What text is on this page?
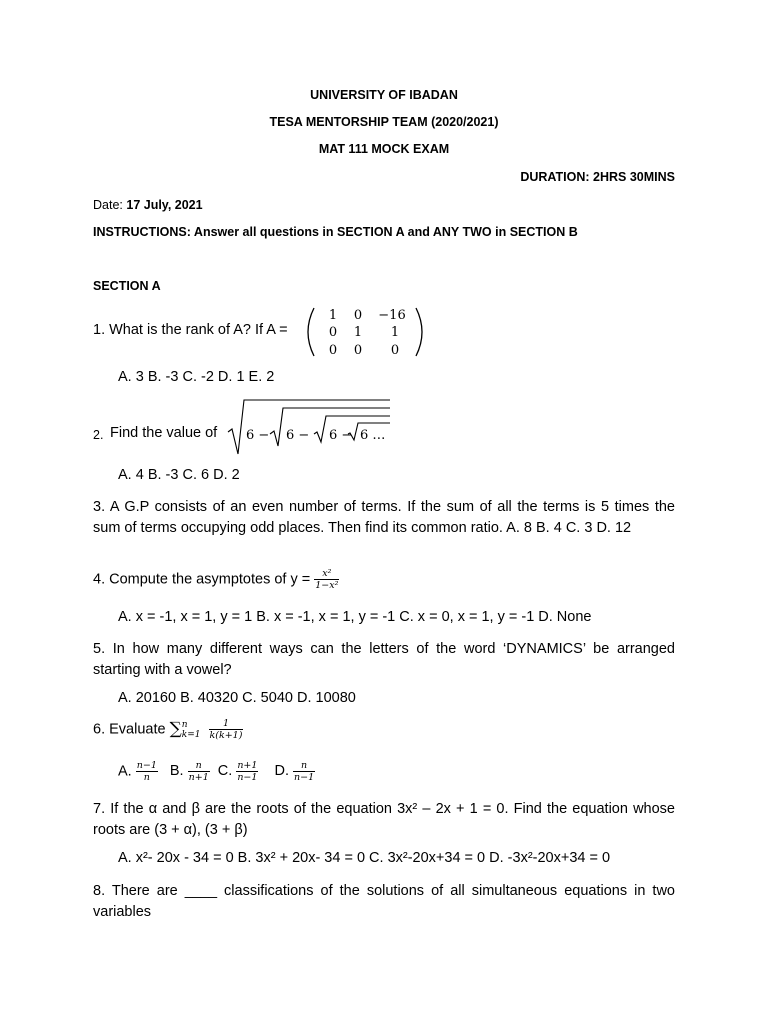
UNIVERSITY OF IBADAN
TESA MENTORSHIP TEAM (2020/2021)
MAT 111 MOCK EXAM
DURATION: 2HRS 30MINS
Date: 17 July, 2021
INSTRUCTIONS: Answer all questions in SECTION A and ANY TWO in SECTION B
SECTION A
1. What is the rank of A? If A =
1 0 −16
0 1 1
0 0 0
A. 3 B. -3 C. -2 D. 1 E. 2
2. Find the value of 6 − 6 − 6 − 6 …
A. 4 B. -3 C. 6 D. 2
3. A G.P consists of an even number of terms. If the sum of all the terms is 5 times the sum of terms occupying odd places. Then find its common ratio. A. 8 B. 4 C. 3 D. 12
4. Compute the asymptotes of $y = \frac{\text{x²}}{\text{1−x²}}$
A. x = -1, x = 1, y = 1 B. x = -1, x = 1, y = -1 C. x = 0, x = 1, y = -1 D. None
5. In how many different ways can the letters of the word ‘DYNAMICS’ be arranged starting with a vowel?
A. 20160 B. 40320 C. 5040 D. 10080
6. Evaluate ∑ n
k=1
$\frac{1}{k(k+1)}$
A. $\frac{n-1}{n} B$. $\frac{n}{n+1} C$. $\frac{n+1}{n-1} D$. $\frac{n}{n-1}$
7. If the α and β are the roots of the equation 3x² – 2x + 1 = 0. Find the equation whose roots are (3 + α), (3 + β)
A. x²- 20x - 34 = 0 B. 3x² + 20x- 34 = 0 C. 3x²-20x+34 = 0 D. -3x²-20x+34 = 0
8. There are ____ classifications of the solutions of all simultaneous equations in two variables
